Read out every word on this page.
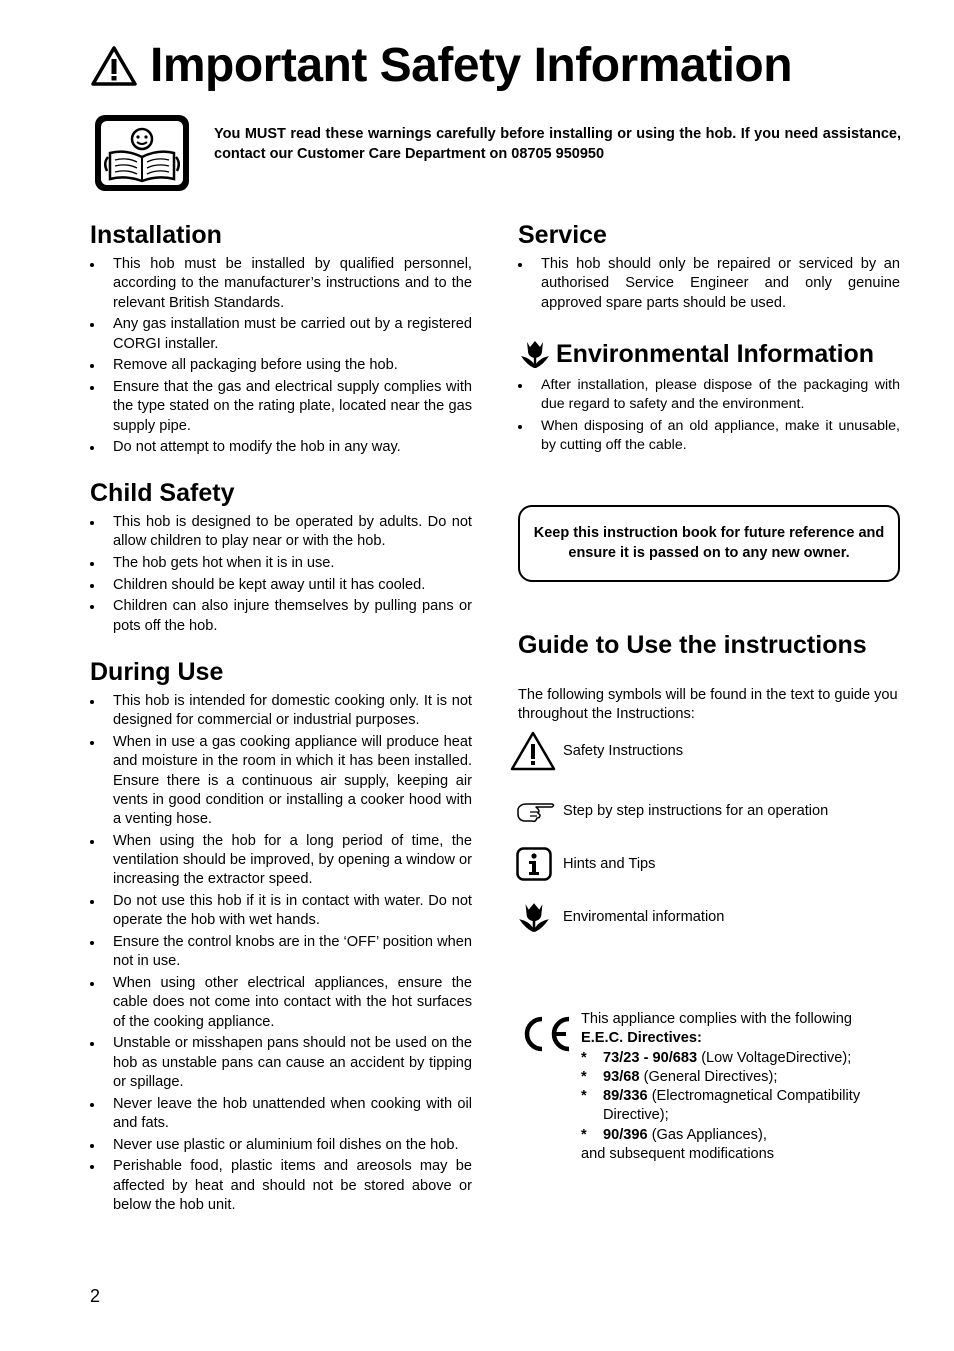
Important Safety Information
You MUST read these warnings carefully before installing or using the hob. If you need assistance, contact our Customer Care Department on 08705 950950
Installation
This hob must be installed by qualified personnel, according to the manufacturer’s instructions and to the relevant British Standards.
Any gas installation must be carried out by a registered CORGI installer.
Remove all packaging before using the hob.
Ensure that the gas and electrical supply complies with the type stated on the rating plate, located near the gas supply pipe.
Do not attempt to modify the hob in any way.
Child Safety
This hob is designed to be operated by adults. Do not allow children to play near or with the hob.
The hob gets hot when it is in use.
Children should be kept away until it has cooled.
Children can also injure themselves by pulling pans or pots off the hob.
During Use
This hob is intended for domestic cooking only. It is not designed for commercial or industrial purposes.
When in use a gas cooking appliance will produce heat and moisture in the room in which it has been installed. Ensure there is a continuous air supply, keeping air vents in good condition or installing a cooker hood with a venting hose.
When using the hob for a long period of time, the ventilation should be improved, by opening a window or increasing the extractor speed.
Do not use this hob if it is in contact with water. Do not operate the hob with wet hands.
Ensure the control knobs are in the ‘OFF’ position when not in use.
When using other electrical appliances, ensure the cable does not come into contact with the hot surfaces of the cooking appliance.
Unstable or misshapen pans should not be used on the hob as unstable pans can cause an accident by tipping or spillage.
Never leave the hob unattended when cooking with oil and fats.
Never use plastic or aluminium foil dishes on the hob.
Perishable food, plastic items and areosols may be affected by heat and should not be stored above or below the hob unit.
Service
This hob should only be repaired or serviced by an authorised Service Engineer and only genuine approved spare parts should be used.
Environmental Information
After installation, please dispose of the packaging with due regard to safety and the environment.
When disposing of an old appliance, make it unusable, by cutting off the cable.
Keep this instruction book for future reference and ensure it is passed on to any new owner.
Guide to Use the instructions
The following symbols will be found in the text to guide you throughout the Instructions:
Safety Instructions
Step by step instructions for an operation
Hints and Tips
Enviromental information
This appliance complies with the following
E.E.C. Directives:
* 73/23 - 90/683 (Low VoltageDirective);
* 93/68 (General Directives);
* 89/336 (Electromagnetical Compatibility Directive);
* 90/396 (Gas Appliances),
and subsequent modifications
2
